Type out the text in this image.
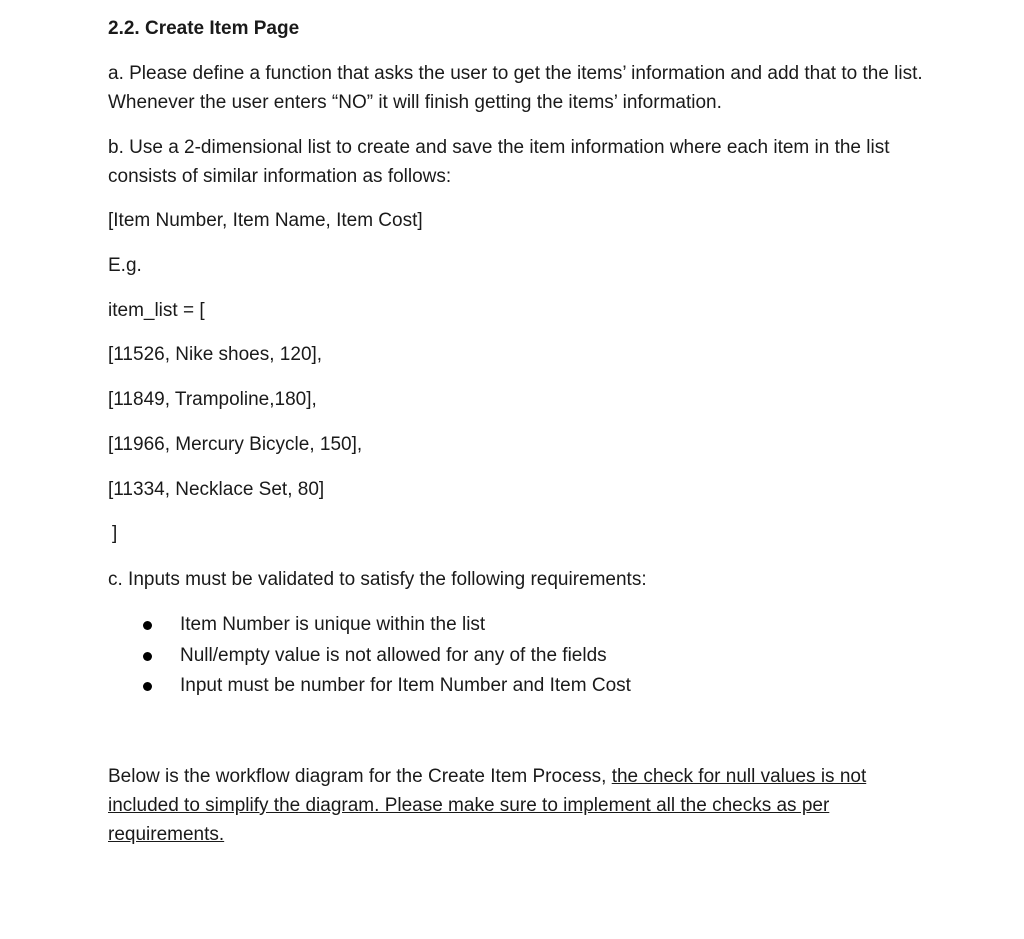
2.2. Create Item Page
a. Please define a function that asks the user to get the items’ information and add that to the list. Whenever the user enters “NO” it will finish getting the items’ information.
b. Use a 2-dimensional list to create and save the item information where each item in the list consists of similar information as follows:
[Item Number, Item Name, Item Cost]
E.g.
item_list = [
[11526, Nike shoes, 120],
[11849, Trampoline,180],
[11966, Mercury Bicycle, 150],
[11334, Necklace Set, 80]
]
c. Inputs must be validated to satisfy the following requirements:
Item Number is unique within the list
Null/empty value is not allowed for any of the fields
Input must be number for Item Number and Item Cost
Below is the workflow diagram for the Create Item Process, the check for null values is not included to simplify the diagram. Please make sure to implement all the checks as per requirements.
